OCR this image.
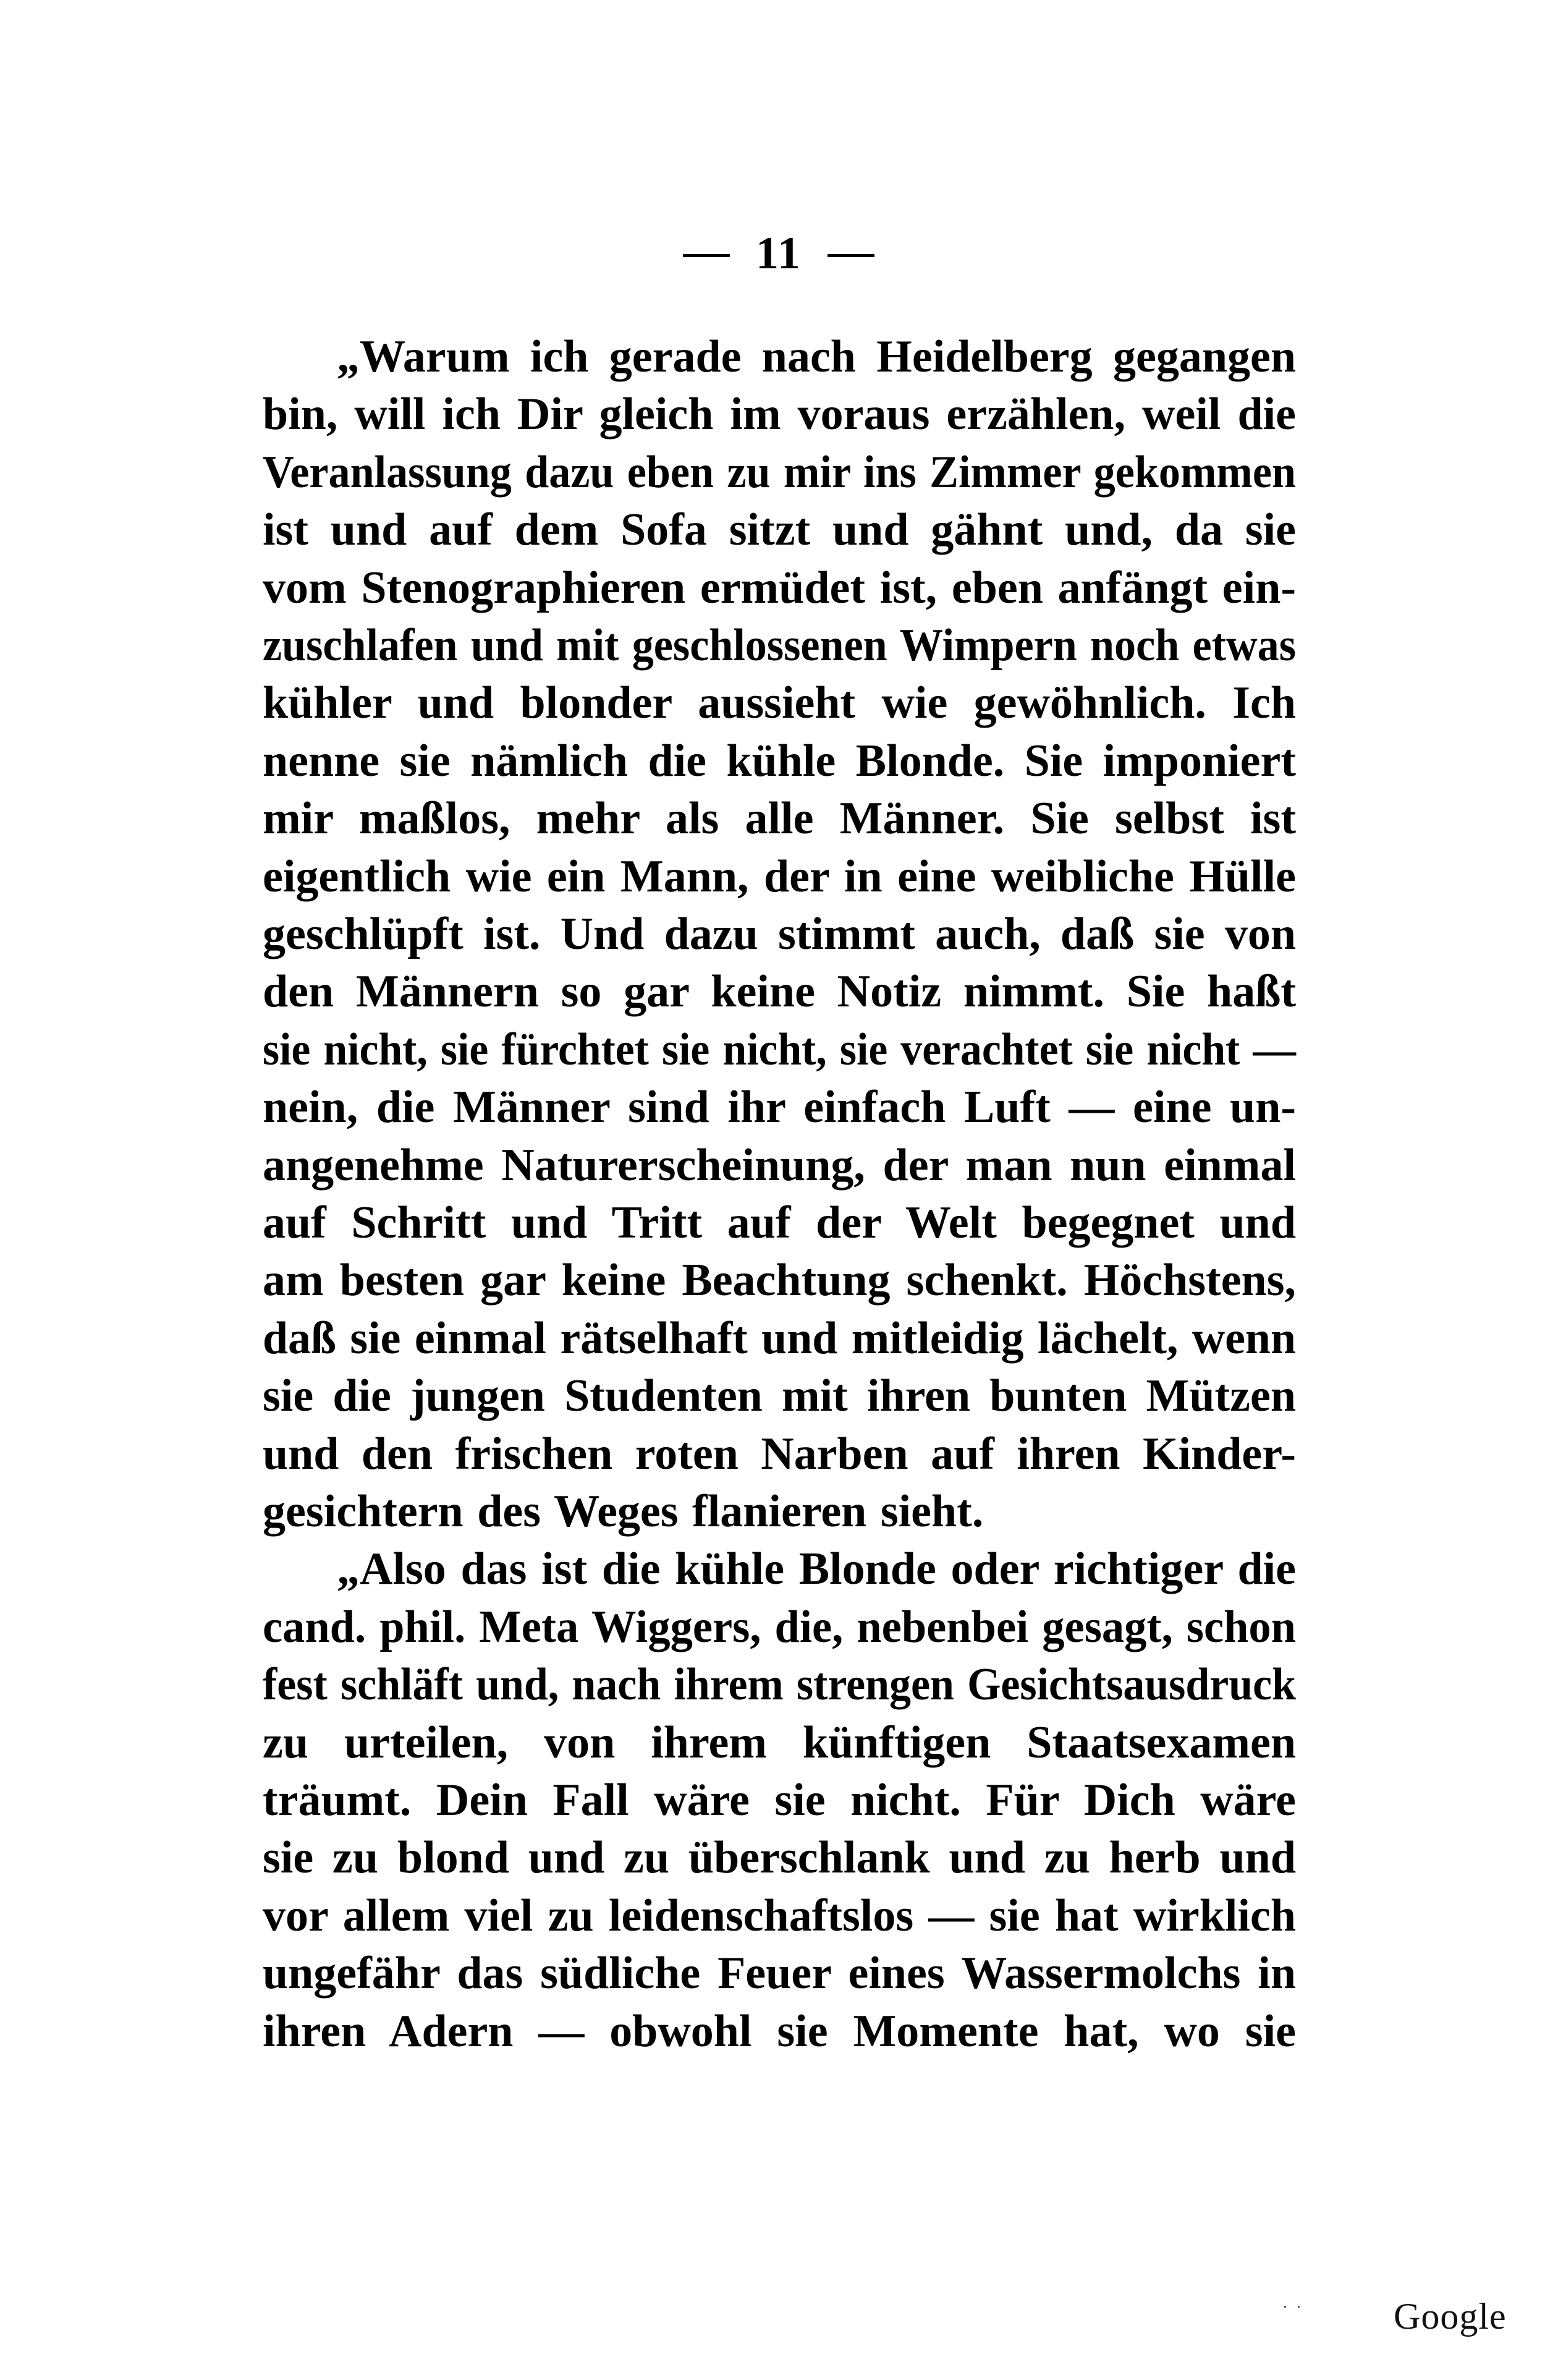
11
„Warum ich gerade nach Heidelberg gegangen
bin, will ich Dir gleich im voraus erzählen, weil die
Veranlassung dazu eben zu mir ins Zimmer gekommen
ist und auf dem Sofa sitzt und gähnt und, da sie
vom Stenographieren ermüdet ist, eben anfängt ein-
zuschlafen und mit geschlossenen Wimpern noch etwas
kühler und blonder aussieht wie gewöhnlich. Ich
nenne sie nämlich die kühle Blonde. Sie imponiert
mir maßlos, mehr als alle Männer. Sie selbst ist
eigentlich wie ein Mann, der in eine weibliche Hülle
geschlüpft ist. Und dazu stimmt auch, daß sie von
den Männern so gar keine Notiz nimmt. Sie haßt
sie nicht, sie fürchtet sie nicht, sie verachtet sie nicht —
nein, die Männer sind ihr einfach Luft — eine un-
angenehme Naturerscheinung, der man nun einmal
auf Schritt und Tritt auf der Welt begegnet und
am besten gar keine Beachtung schenkt. Höchstens,
daß sie einmal rätselhaft und mitleidig lächelt, wenn
sie die jungen Studenten mit ihren bunten Mützen
und den frischen roten Narben auf ihren Kinder-
gesichtern des Weges flanieren sieht.
„Also das ist die kühle Blonde oder richtiger die
cand. phil. Meta Wiggers, die, nebenbei gesagt, schon
fest schläft und, nach ihrem strengen Gesichtsausdruck
zu urteilen, von ihrem künftigen Staatsexamen
träumt. Dein Fall wäre sie nicht. Für Dich wäre
sie zu blond und zu überschlank und zu herb und
vor allem viel zu leidenschaftslos — sie hat wirklich
ungefähr das südliche Feuer eines Wassermolchs in
ihren Adern — obwohl sie Momente hat, wo sie
Google
